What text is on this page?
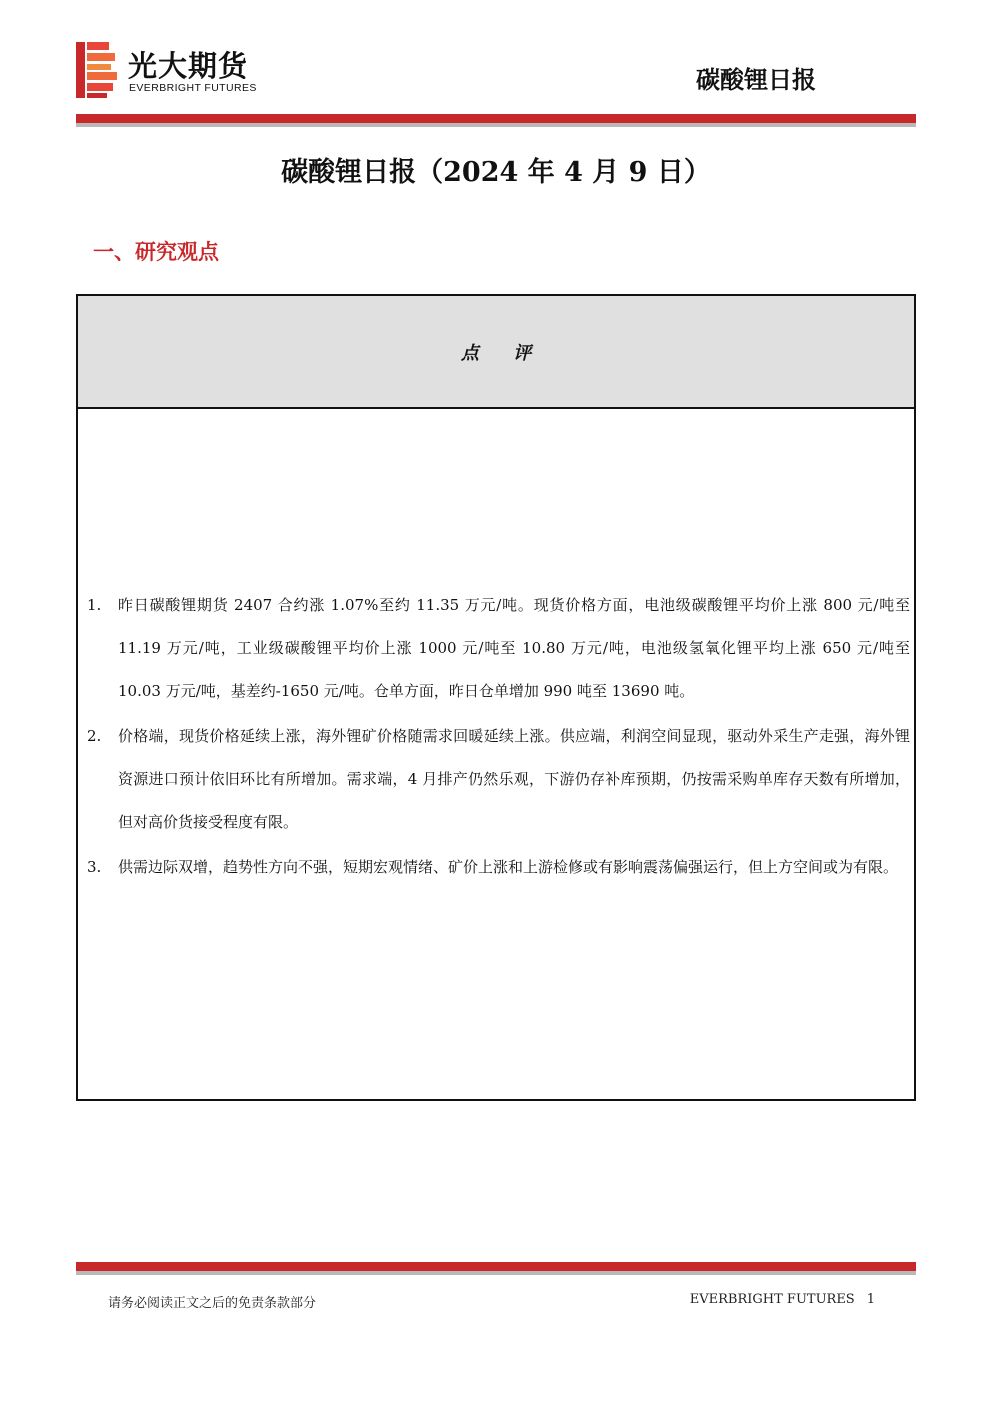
光大期货
EVERBRIGHT FUTURES	碳酸锂日报
碳酸锂日报（2024 年 4 月 9 日）
一、研究观点
点 评
1. 昨日碳酸锂期货 2407 合约涨 1.07%至约 11.35 万元/吨。现货价格方面，电池级碳酸锂平均价上涨 800 元/吨至 11.19 万元/吨，工业级碳酸锂平均价上涨 1000 元/吨至 10.80 万元/吨，电池级氢氧化锂平均上涨 650 元/吨至 10.03 万元/吨，基差约-1650 元/吨。仓单方面，昨日仓单增加 990 吨至 13690 吨。
2. 价格端，现货价格延续上涨，海外锂矿价格随需求回暖延续上涨。供应端，利润空间显现，驱动外采生产走强，海外锂资源进口预计依旧环比有所增加。需求端，4 月排产仍然乐观，下游仍存补库预期，仍按需采购单库存天数有所增加，但对高价货接受程度有限。
3. 供需边际双增，趋势性方向不强，短期宏观情绪、矿价上涨和上游检修或有影响震荡偏强运行，但上方空间或为有限。
请务必阅读正文之后的免责条款部分	EVERBRIGHT FUTURES 1
